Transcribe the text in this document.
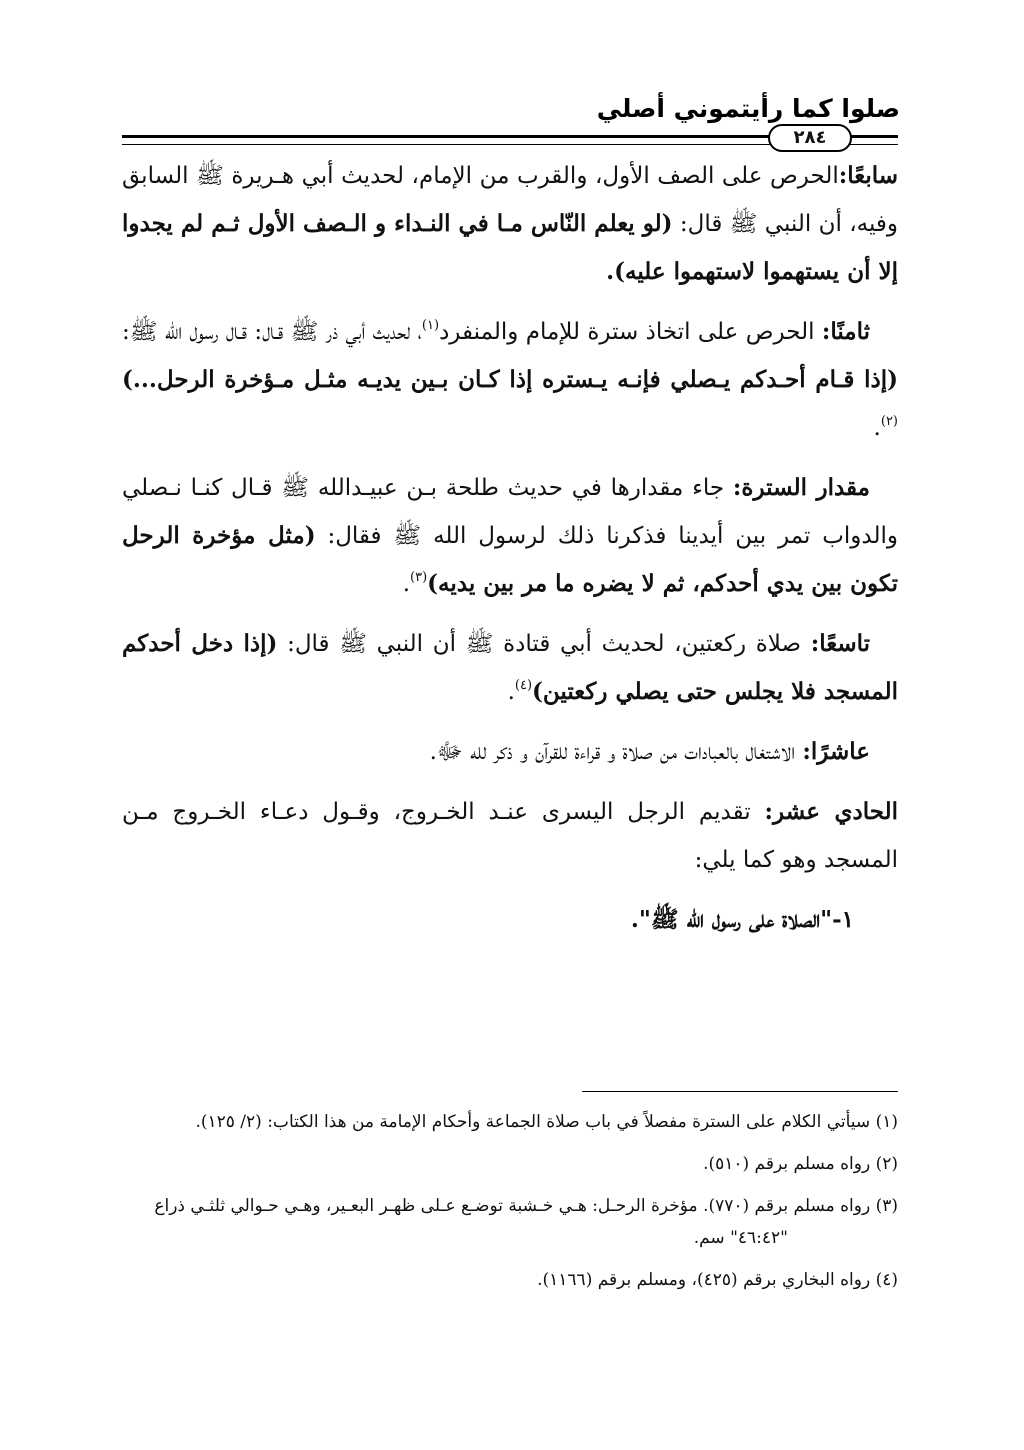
صلوا كما رأيتموني أصلي
٢٨٤

سابعًا:الحرص على الصف الأول، والقرب من الإمام، لحديث أبي هـريرة ﷺ السابق وفيه، أن النبي ﷺ قال: (لو يعلم النّاس مـا في النـداء و الـصف الأول ثـم لم يجدوا إلا أن يستهموا لاستهموا عليه).

ثامنًا: الحرص على اتخاذ سترة للإمام والمنفرد$^{(١)}$، لحديث أبي ذر ﷺ قـال: قـال رسول الله ﷺ: (إذا قـام أحـدكم يـصلي فإنـه يـستره إذا كـان بـين يديـه مثـل مـؤخرة الرحل...)$^{(٢)}$.

مقدار السترة: جاء مقدارها في حديث طلحة بـن عبيـدالله ﷺ قـال كنـا نـصلي والدواب تمر بين أيدينا فذكرنا ذلك لرسول الله ﷺ فقال: (مثل مؤخرة الرحل تكون بين يدي أحدكم، ثم لا يضره ما مر بين يديه)$^{(٣)}$.

تاسعًا: صلاة ركعتين، لحديث أبي قتادة ﷺ أن النبي ﷺ قال: (إذا دخل أحدكم المسجد فلا يجلس حتى يصلي ركعتين)$^{(٤)}$.

عاشرًا: الاشتغال بالعبادات من صلاة و قراءة للقرآن و ذكر لله ﷻ.

الحادي عشر: تقديم الرجل اليسرى عنـد الخـروج، وقـول دعـاء الخـروج مـن المسجد وهو كما يلي:

١-"الصلاة على رسول الله ﷺ".

(١) سيأتي الكلام على السترة مفصلاً في باب صلاة الجماعة وأحكام الإمامة من هذا الكتاب: (٢/ ١٢٥).

(٢) رواه مسلم برقم (٥١٠).

(٣) رواه مسلم برقم (٧٧٠). مؤخرة الرحـل: هـي خـشبة توضـع عـلى ظهـر البعـير، وهـي حـوالي ثلثـي ذراع
"٤٦:٤٢" سم.

(٤) رواه البخاري برقم (٤٢٥)، ومسلم برقم (١١٦٦).
